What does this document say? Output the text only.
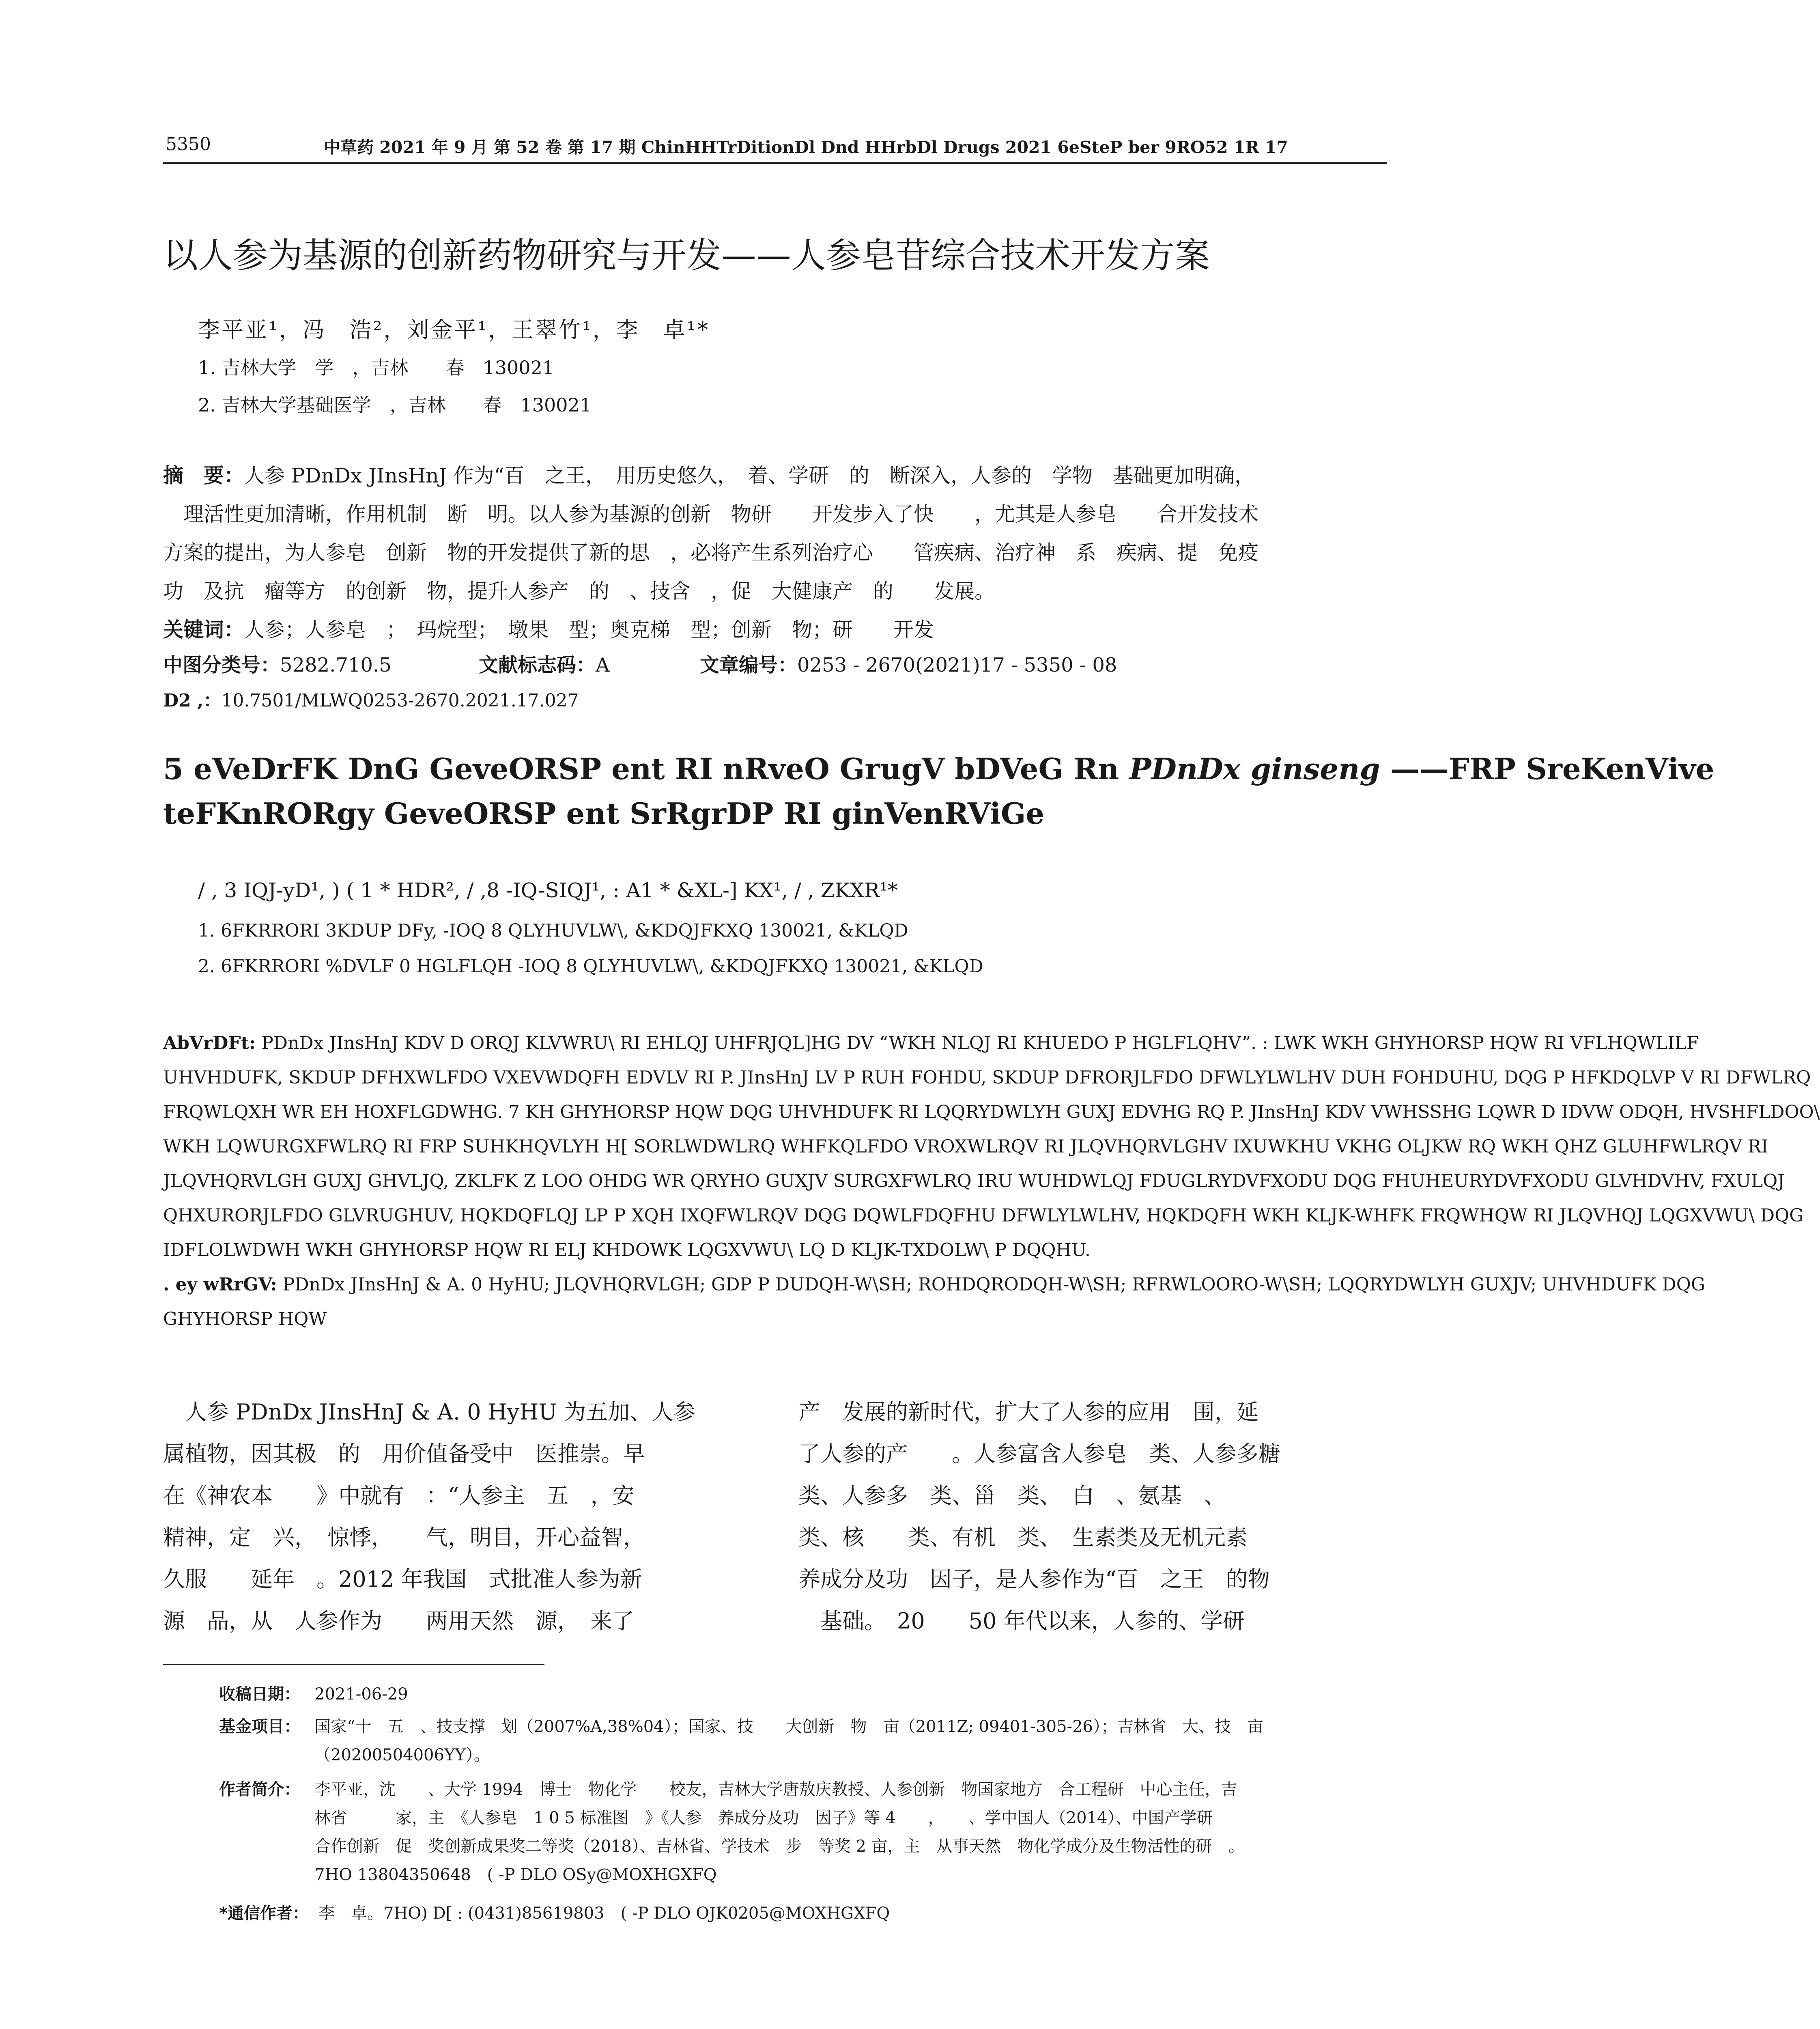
5350	中草药 2021 年 9 月 第 52 卷 第 17 期 ChinHHTrDitionDl Dnd HHrbDl Drugs 2021 6eSteP ber 9RO52 1R 17
以人参为基源的创新药物研究与开发——人参皂苷综合技术开发方案
李平亚¹，冯　浩²，刘金平¹，王翠竹¹，李　卓¹*
1. 吉林大学　学　，吉林　　春　130021
2. 吉林大学基础医学　，吉林　　春　130021
摘　要：人参 PDnDx JInsHnJ 作为“百　之王，　用历史悠久，　着、学研　的　断深入，人参的　学物　基础更加明确，
　理活性更加清晰，作用机制　断　明。以人参为基源的创新　物研　　开发步入了快　　，尤其是人参皂　　合开发技术
方案的提出，为人参皂　创新　物的开发提供了新的思　，必将产生系列治疗心　　管疾病、治疗神　系　疾病、提　免疫
功　及抗　瘤等方　的创新　物，提升人参产　的　、技含　，促　大健康产　的　　发展。
关键词：人参；人参皂　；　玛烷型；　墩果　型；奥克梯　型；创新　物；研　　开发
中图分类号：5282.710.5	文献标志码：A	文章编号：0253 - 2670(2021)17 - 5350 - 08
D2 ,：10.7501/MLWQ0253-2670.2021.17.027
5 eVeDrFK DnG GeveORSP ent RI nRveO GrugV bDVeG Rn PDnDx ginseng ——FRP SreKenVive
teFKnRORgy GeveORSP ent SrRgrDP RI ginVenRViGe
/ , 3 IQJ-yD¹, ) ( 1 * HDR², / ,8 -IQ-SIQJ¹, : A1 * &XL-] KX¹, / , ZKXR¹*
1. 6FKRRORI 3KDUP DFy, -IOQ 8 QLYHUVLW\, &KDQJFKXQ 130021, &KLQD
2. 6FKRRORI %DVLF 0 HGLFLQH -IOQ 8 QLYHUVLW\, &KDQJFKXQ 130021, &KLQD
AbVrDFt: PDnDx JInsHnJ KDV D ORQJ KLVWRU\ RI EHLQJ UHFRJQL]HG DV “WKH NLQJ RI KHUEDO P HGLFLQHV”. : LWK WKH GHYHORSP HQW RI VFLHQWLILF
UHVHDUFK, SKDUP DFHXWLFDO VXEVWDQFH EDVLV RI P. JInsHnJ LV P RUH FOHDU, SKDUP DFRORJLFDO DFWLYLWLHV DUH FOHDUHU, DQG P HFKDQLVP V RI DFWLRQ
FRQWLQXH WR EH HOXFLGDWHG. 7 KH GHYHORSP HQW DQG UHVHDUFK RI LQQRYDWLYH GUXJ EDVHG RQ P. JInsHnJ KDV VWHSSHG LQWR D IDVW ODQH, HVSHFLDOO\
WKH LQWURGXFWLRQ RI FRP SUHKHQVLYH H[ SORLWDWLRQ WHFKQLFDO VROXWLRQV RI JLQVHQRVLGHV IXUWKHU VKHG OLJKW RQ WKH QHZ GLUHFWLRQV RI
JLQVHQRVLGH GUXJ GHVLJQ, ZKLFK Z LOO OHDG WR QRYHO GUXJV SURGXFWLRQ IRU WUHDWLQJ FDUGLRYDVFXODU DQG FHUHEURYDVFXODU GLVHDVHV, FXULQJ
QHXURORJLFDO GLVRUGHUV, HQKDQFLQJ LP P XQH IXQFWLRQV DQG DQWLFDQFHU DFWLYLWLHV, HQKDQFH WKH KLJK-WHFK FRQWHQW RI JLQVHQJ LQGXVWU\ DQG
IDFLOLWDWH WKH GHYHORSP HQW RI ELJ KHDOWK LQGXVWU\ LQ D KLJK-TXDOLW\ P DQQHU.
. ey wRrGV: PDnDx JInsHnJ & A. 0 HyHU; JLQVHQRVLGH; GDP P DUDQH-W\SH; ROHDQRODQH-W\SH; RFRWLOORO-W\SH; LQQRYDWLYH GUXJV; UHVHDUFK DQG
GHYHORSP HQW
　人参 PDnDx JInsHnJ & A. 0 HyHU 为五加、人参
属植物，因其极　的　用价值备受中　医推崇。早
在《神农本　　》中就有　：“人参主　五　，安
精神，定　兴，　惊悸，　　气，明目，开心益智，
久服　　延年　。2012 年我国　式批准人参为新
源　品，从　人参作为　　两用天然　源，　来了
产　发展的新时代，扩大了人参的应用　围，延
了人参的产　　。人参富含人参皂　类、人参多糖
类、人参多　类、甾　类、　白　、氨基　、
类、核　　类、有机　类、　生素类及无机元素
养成分及功　因子，是人参作为“百　之王　的物
　基础。　20　　50 年代以来，人参的、学研
收稿日期： 2021-06-29
基金项目： 国家“十　五　、技支撑　划（2007%A,38%04）；国家、技　　大创新　物　亩（2011Z; 09401-305-26）；吉林省　大、技　亩
（20200504006YY）。
作者简介： 李平亚，沈　　、大学 1994　博士　物化学　　校友，吉林大学唐敖庆教授、人参创新　物国家地方　合工程研　中心主任，吉
林省　　　家，主　《人参皂　1 0 5 标准图　》《人参　养成分及功　因子》等 4　　，　　、学中国人（2014）、中国产学研
合作创新　促　奖创新成果奖二等奖（2018）、吉林省、学技术　步　等奖 2 亩，主　从事天然　物化学成分及生物活性的研　。
7HO 13804350648　( -P DLO OSy@MOXHGXFQ
*通信作者： 李　卓。7HO) D[ : (0431)85619803　( -P DLO OJK0205@MOXHGXFQ
